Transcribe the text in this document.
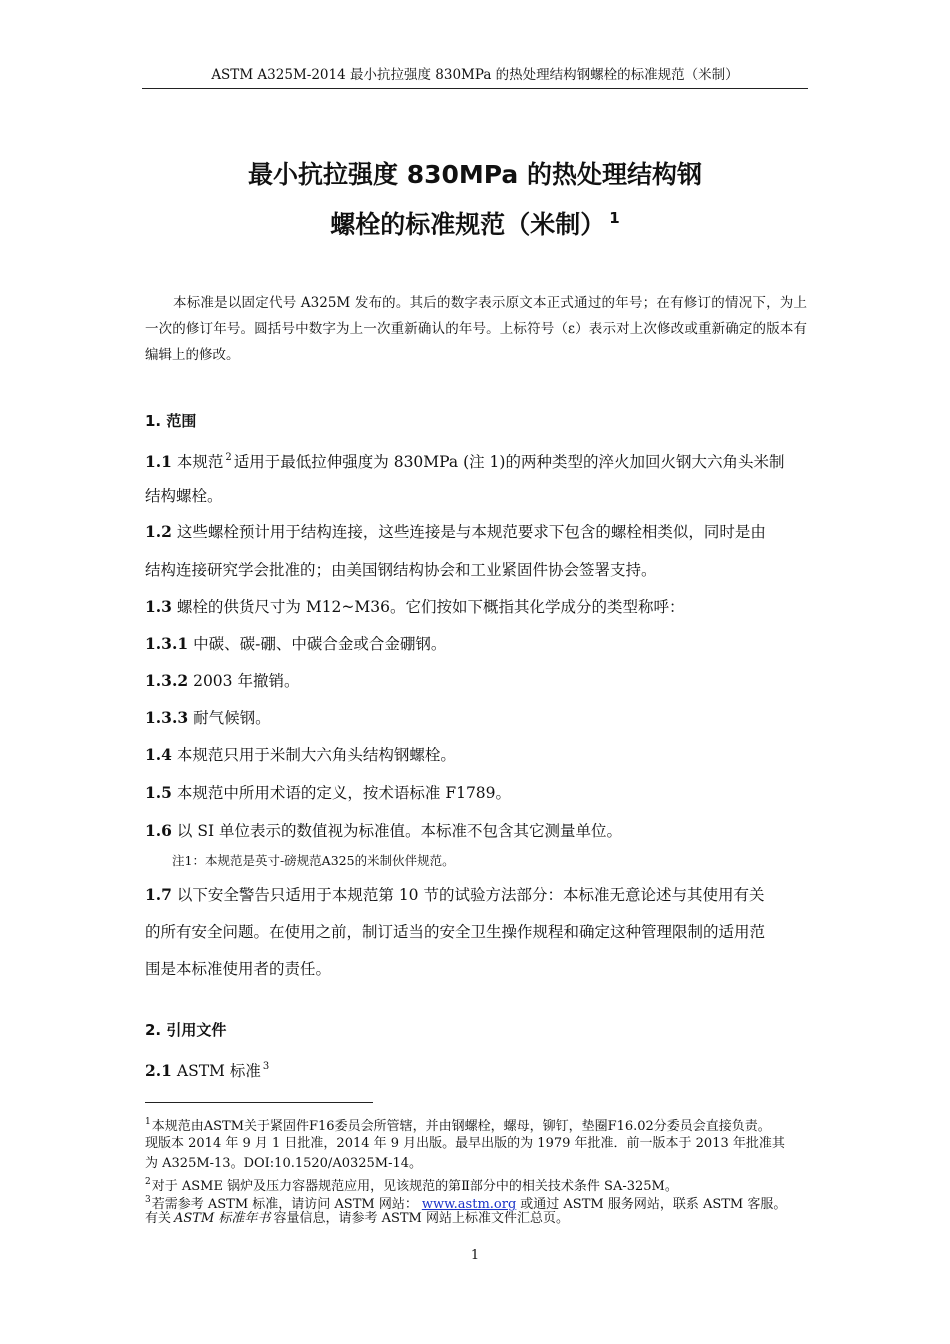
ASTM A325M-2014 最小抗拉强度 830MPa 的热处理结构钢螺栓的标准规范（米制）
最小抗拉强度 830MPa 的热处理结构钢
螺栓的标准规范（米制） $^1$
本标准是以固定代号 A325M 发布的。其后的数字表示原文本正式通过的年号；在有修订的情况下，为上一次的修订年号。圆括号中数字为上一次重新确认的年号。上标符号（ε）表示对上次修改或重新确定的版本有编辑上的修改。
1. 范围
1.1 本规范 $^2$ 适用于最低拉伸强度为 830MPa (注 1)的两种类型的淬火加回火钢大六角头米制
结构螺栓。
1.2 这些螺栓预计用于结构连接，这些连接是与本规范要求下包含的螺栓相类似，同时是由
结构连接研究学会批准的；由美国钢结构协会和工业紧固件协会签署支持。
1.3 螺栓的供货尺寸为 M12~M36。它们按如下概指其化学成分的类型称呼：
1.3.1 中碳、碳-硼、中碳合金或合金硼钢。
1.3.2 2003 年撤销。
1.3.3 耐气候钢。
1.4 本规范只用于米制大六角头结构钢螺栓。
1.5 本规范中所用术语的定义，按术语标准 F1789。
1.6 以 SI 单位表示的数值视为标准值。本标准不包含其它测量单位。
注1：本规范是英寸-磅规范A325的米制伙伴规范。
1.7 以下安全警告只适用于本规范第 10 节的试验方法部分：本标准无意论述与其使用有关
的所有安全问题。在使用之前，制订适当的安全卫生操作规程和确定这种管理限制的适用范
围是本标准使用者的责任。
2. 引用文件
2.1 ASTM 标准 $^3$
$^1$本规范由ASTM关于紧固件F16委员会所管辖，并由钢螺栓，螺母，铆钉，垫圈F16.02分委员会直接负责。
现版本 2014 年 9 月 1 日批准，2014 年 9 月出版。最早出版的为 1979 年批准．前一版本于 2013 年批准其
为 A325M-13。DOI:10.1520/A0325M-14。
$^2$对于 ASME 锅炉及压力容器规范应用，见该规范的第Ⅱ部分中的相关技术条件 SA-325M。
$^3$若需参考 ASTM 标准，请访问 ASTM 网站： www.astm.org 或通过 ASTM 服务网站，联系 ASTM 客服。
有关 ASTM 标准年书 容量信息，请参考 ASTM 网站上标准文件汇总页。
1
